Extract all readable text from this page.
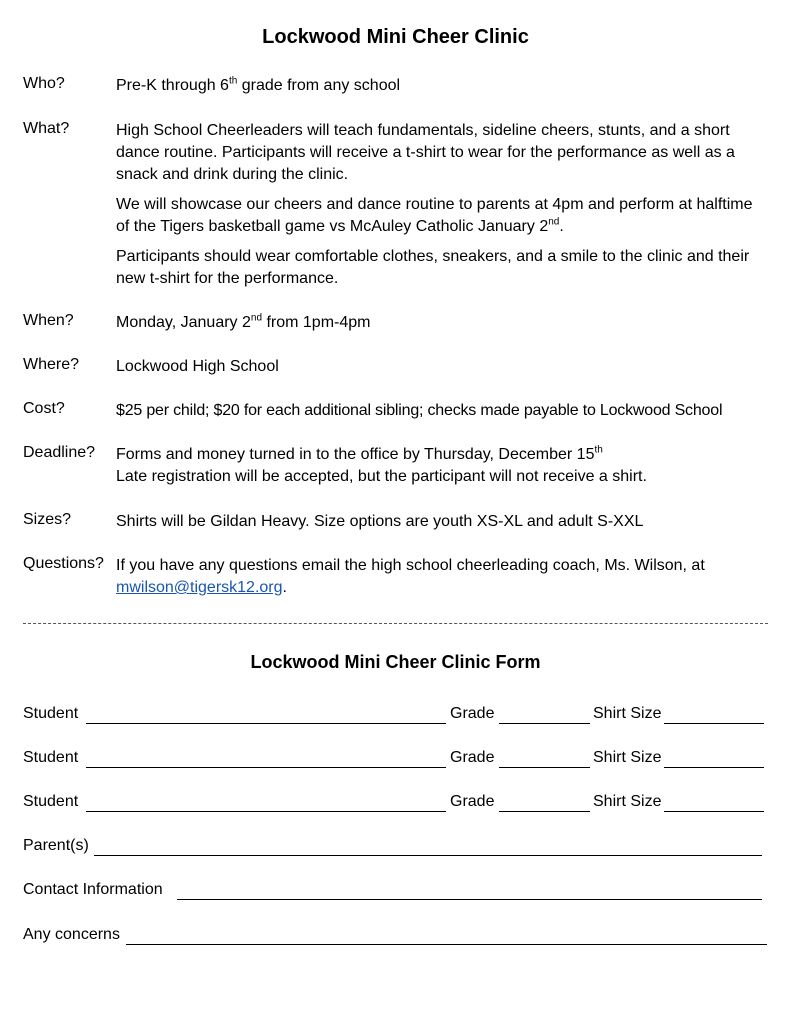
Lockwood Mini Cheer Clinic
Who?	Pre-K through 6th grade from any school
What?	High School Cheerleaders will teach fundamentals, sideline cheers, stunts, and a short dance routine. Participants will receive a t-shirt to wear for the performance as well as a snack and drink during the clinic.

We will showcase our cheers and dance routine to parents at 4pm and perform at halftime of the Tigers basketball game vs McAuley Catholic January 2nd.

Participants should wear comfortable clothes, sneakers, and a smile to the clinic and their new t-shirt for the performance.

When?	Monday, January 2nd from 1pm-4pm
Where? Lockwood High School
Cost?	$25 per child; $20 for each additional sibling; checks made payable to Lockwood School
Deadline? Forms and money turned in to the office by Thursday, December 15th
Late registration will be accepted, but the participant will not receive a shirt.
Sizes?	Shirts will be Gildan Heavy. Size options are youth XS-XL and adult S-XXL
Questions? If you have any questions email the high school cheerleading coach, Ms. Wilson, at
mwilson@tigersk12.org.
Lockwood Mini Cheer Clinic Form
Student	Grade	Shirt Size
Student	Grade	Shirt Size
Student	Grade	Shirt Size
Parent(s)
Contact Information
Any concerns
